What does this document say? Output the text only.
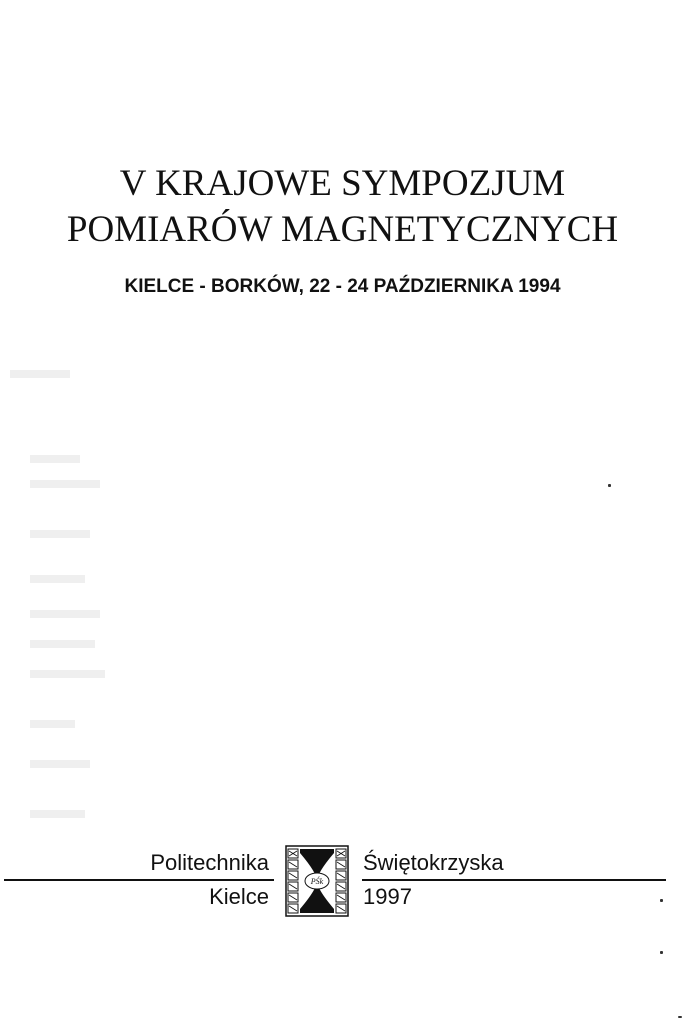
V KRAJOWE SYMPOZJUM
POMIARÓW MAGNETYCZNYCH

KIELCE - BORKÓW, 22 - 24 PAŹDZIERNIKA 1994

Politechnika	Świętokrzyska
Kielce	1997
PŚk
